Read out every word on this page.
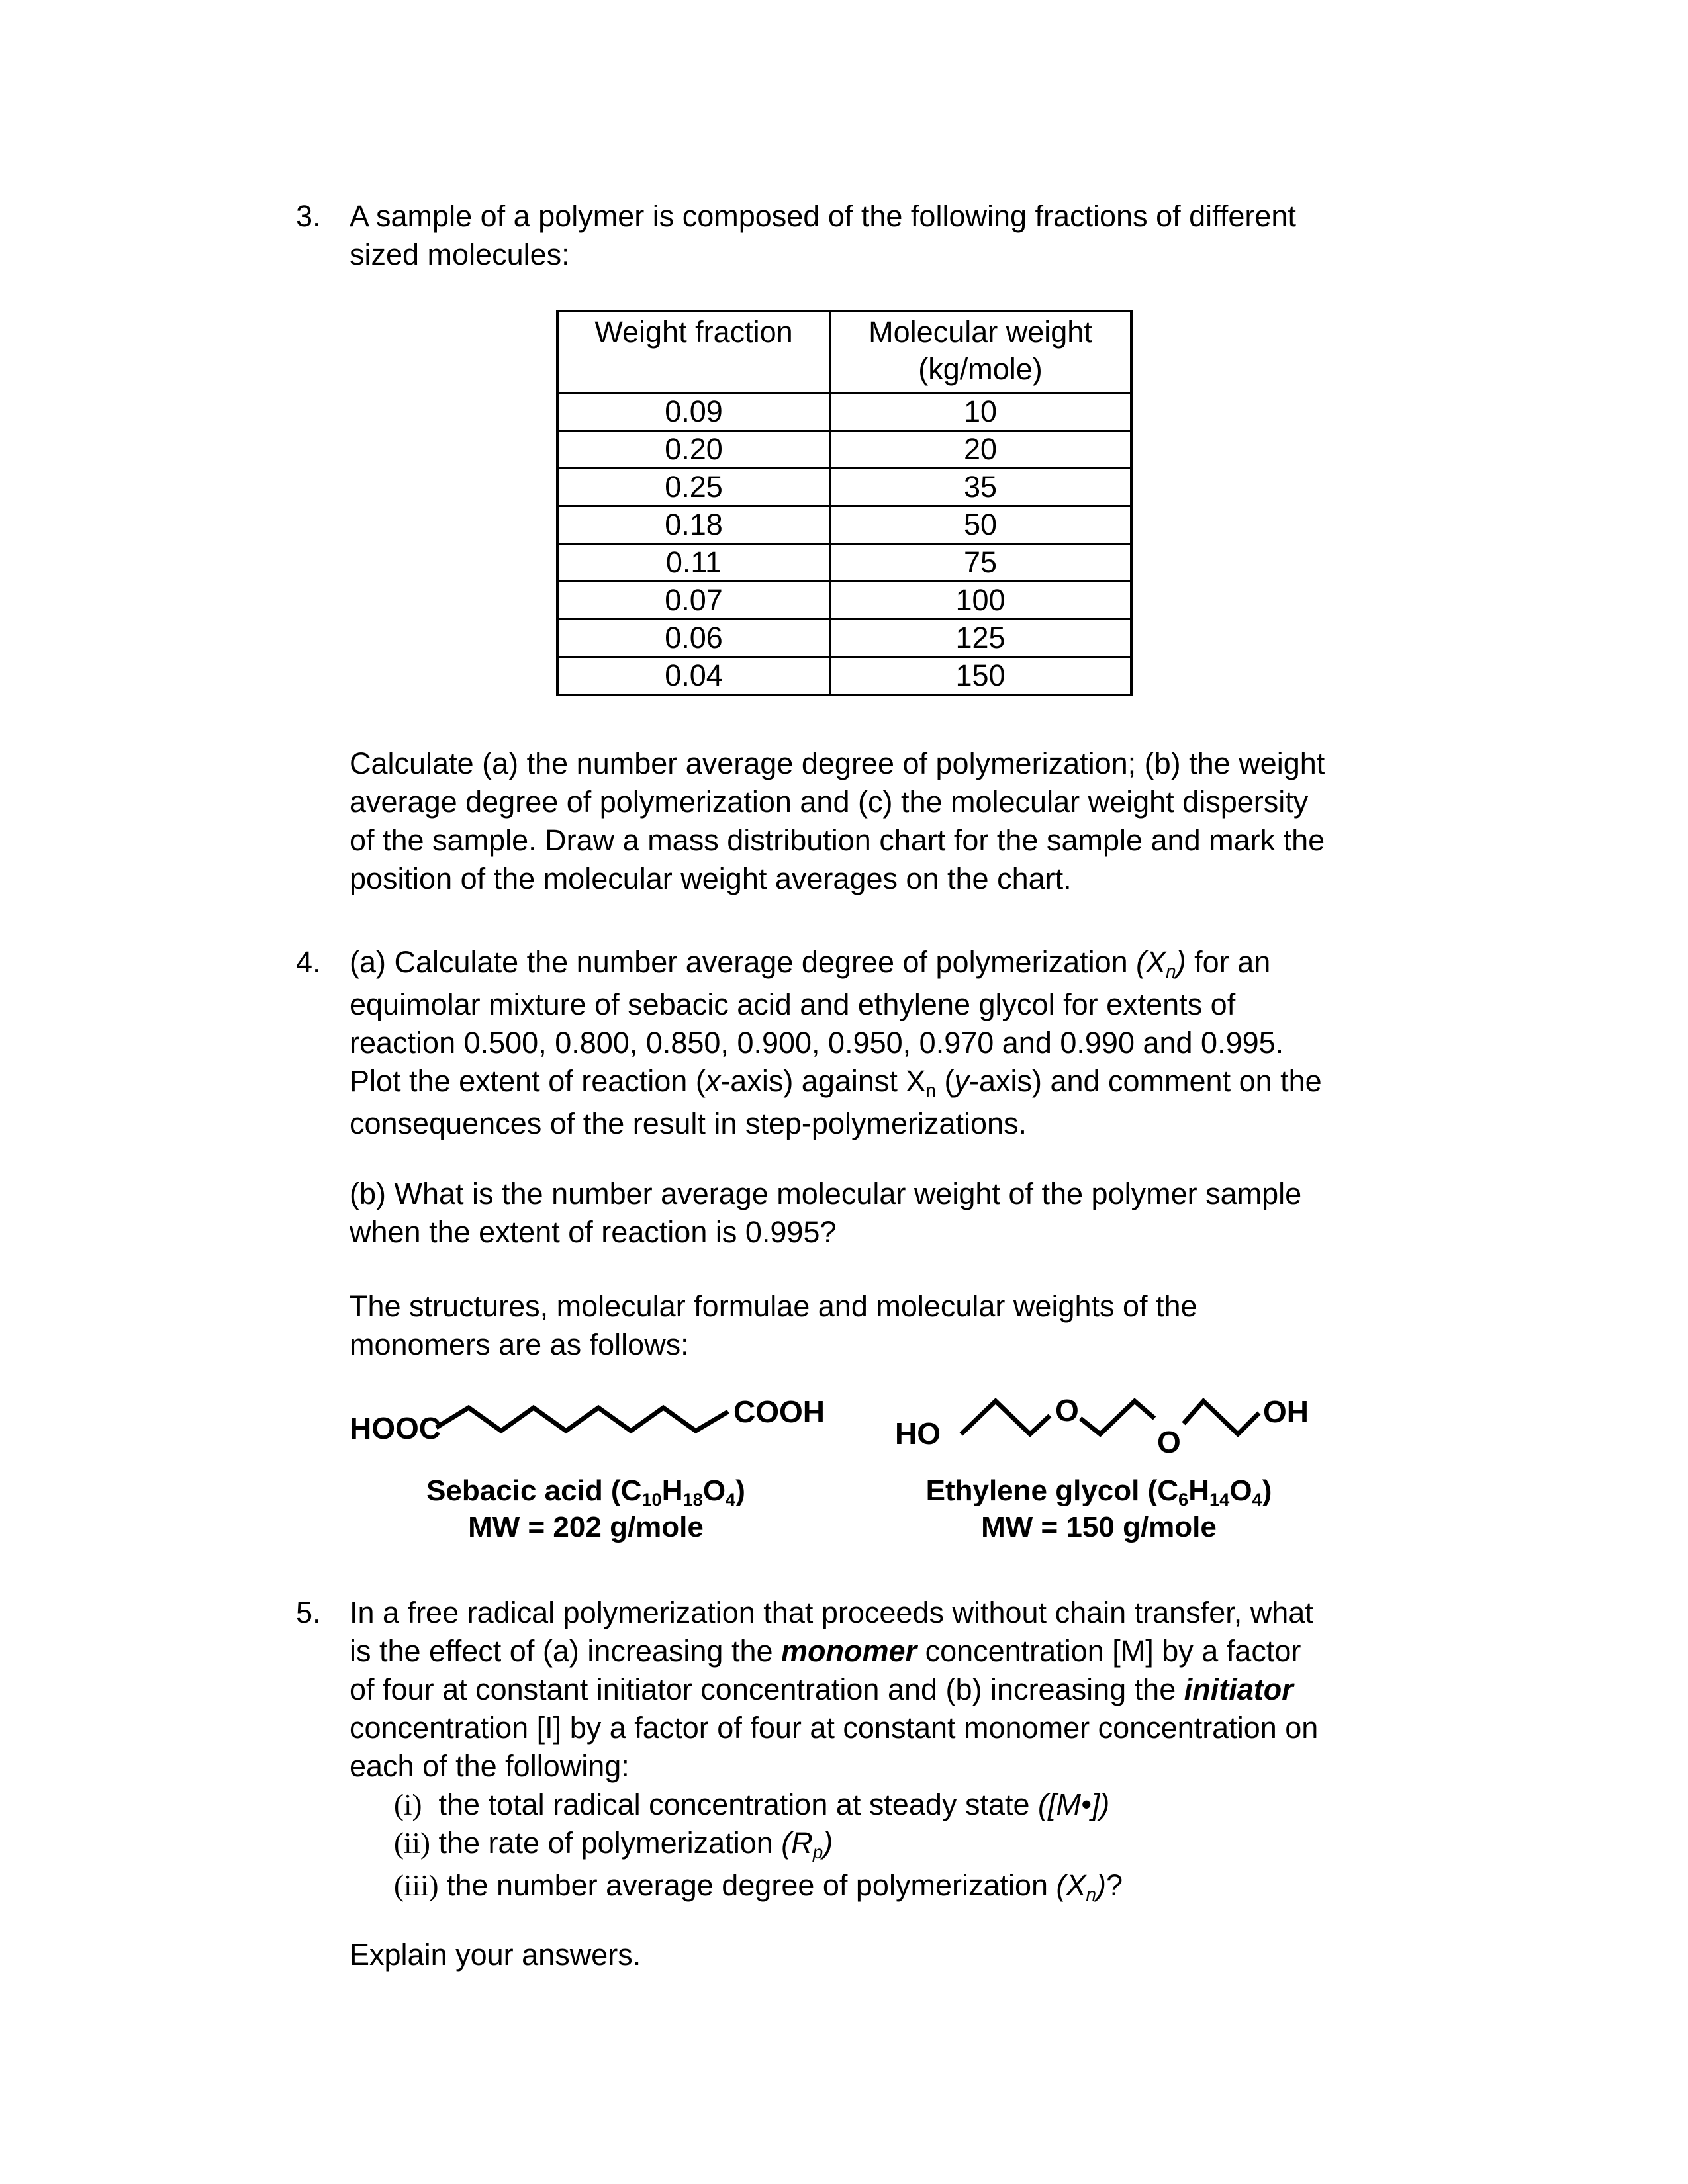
3. A sample of a polymer is composed of the following fractions of different
sized molecules:
Weight fraction	Molecular weight
(kg/mole)

0.09	10
0.20	20
0.25	35
0.18	50
0.11	75
0.07	100
0.06	125
0.04	150
Calculate (a) the number average degree of polymerization; (b) the weight
average degree of polymerization and (c) the molecular weight dispersity
of the sample. Draw a mass distribution chart for the sample and mark the
position of the molecular weight averages on the chart.
4. (a) Calculate the number average degree of polymerization (Xn) for an
equimolar mixture of sebacic acid and ethylene glycol for extents of
reaction 0.500, 0.800, 0.850, 0.900, 0.950, 0.970 and 0.990 and 0.995.
Plot the extent of reaction (x-axis) against Xn (y-axis) and comment on the
consequences of the result in step-polymerizations.
(b) What is the number average molecular weight of the polymer sample
when the extent of reaction is 0.995?
The structures, molecular formulae and molecular weights of the
monomers are as follows:
HOOC	COOH
Sebacic acid (C10H18O4)
MW = 202 g/mole
HO
O
O
OH
Ethylene glycol (C6H14O4)
MW = 150 g/mole
5. In a free radical polymerization that proceeds without chain transfer, what
is the effect of (a) increasing the monomer concentration [M] by a factor
of four at constant initiator concentration and (b) increasing the initiator
concentration [I] by a factor of four at constant monomer concentration on
each of the following:
(i)  the total radical concentration at steady state ([M•])
(ii) the rate of polymerization (Rp)
(iii) the number average degree of polymerization (Xn)?
Explain your answers.
